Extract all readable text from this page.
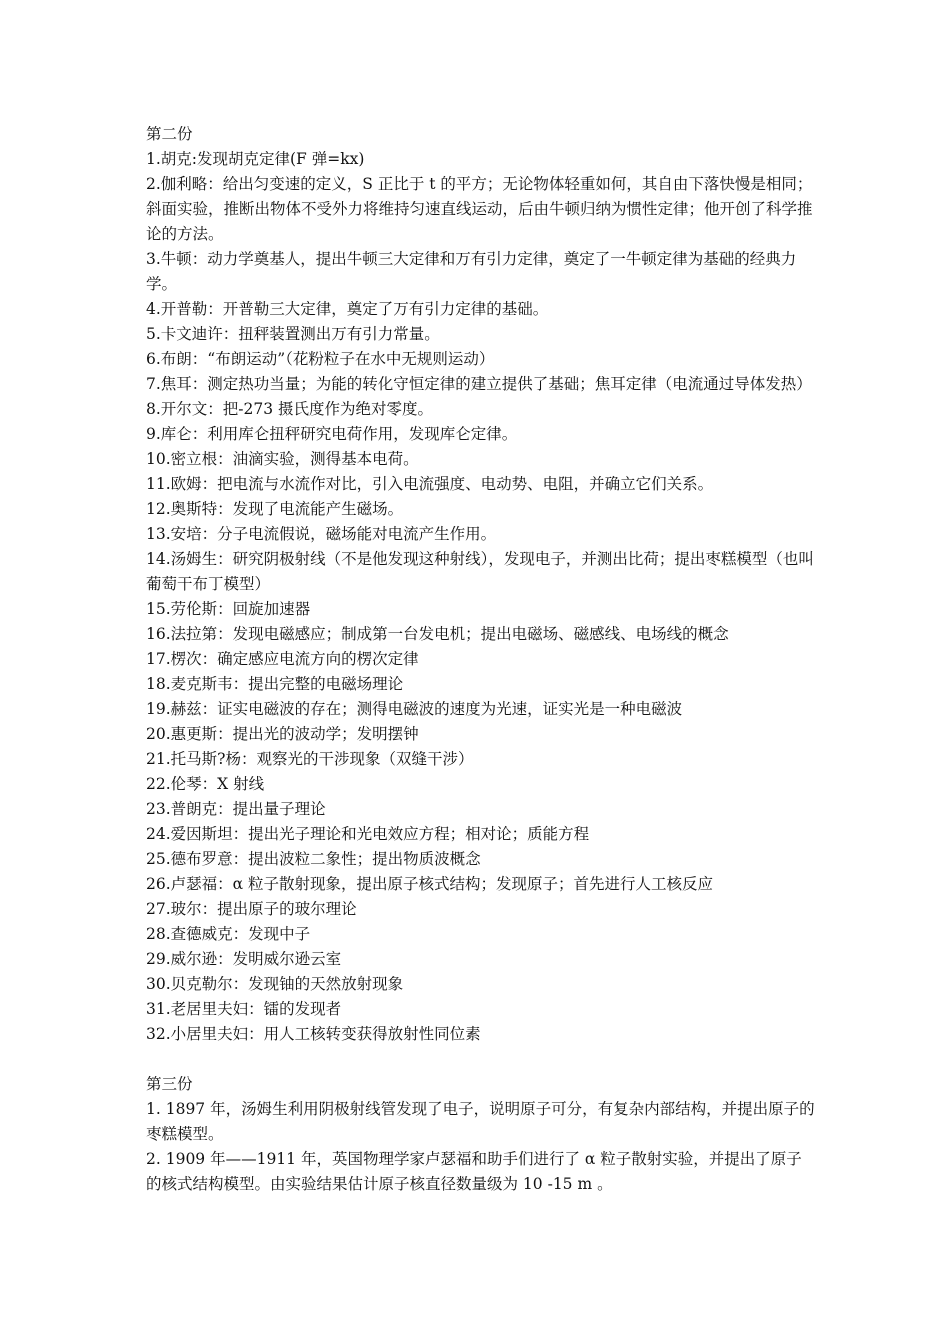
第二份
1.胡克:发现胡克定律(F 弹=kx)
2.伽利略：给出匀变速的定义，S 正比于 t 的平方；无论物体轻重如何，其自由下落快慢是相同；斜面实验，推断出物体不受外力将维持匀速直线运动，后由牛顿归纳为惯性定律；他开创了科学推论的方法。
3.牛顿：动力学奠基人，提出牛顿三大定律和万有引力定律，奠定了一牛顿定律为基础的经典力学。
4.开普勒：开普勒三大定律，奠定了万有引力定律的基础。
5.卡文迪许：扭秤装置测出万有引力常量。
6.布朗：“布朗运动”（花粉粒子在水中无规则运动）
7.焦耳：测定热功当量；为能的转化守恒定律的建立提供了基础；焦耳定律（电流通过导体发热）
8.开尔文：把-273 摄氏度作为绝对零度。
9.库仑：利用库仑扭秤研究电荷作用，发现库仑定律。
10.密立根：油滴实验，测得基本电荷。
11.欧姆：把电流与水流作对比，引入电流强度、电动势、电阻，并确立它们关系。
12.奥斯特：发现了电流能产生磁场。
13.安培：分子电流假说，磁场能对电流产生作用。
14.汤姆生：研究阴极射线（不是他发现这种射线），发现电子，并测出比荷；提出枣糕模型（也叫葡萄干布丁模型）
15.劳伦斯：回旋加速器
16.法拉第：发现电磁感应；制成第一台发电机；提出电磁场、磁感线、电场线的概念
17.楞次：确定感应电流方向的楞次定律
18.麦克斯韦：提出完整的电磁场理论
19.赫兹：证实电磁波的存在；测得电磁波的速度为光速，证实光是一种电磁波
20.惠更斯：提出光的波动学；发明摆钟
21.托马斯?杨：观察光的干涉现象（双缝干涉）
22.伦琴：X 射线
23.普朗克：提出量子理论
24.爱因斯坦：提出光子理论和光电效应方程；相对论；质能方程
25.德布罗意：提出波粒二象性；提出物质波概念
26.卢瑟福：α 粒子散射现象，提出原子核式结构；发现原子；首先进行人工核反应
27.玻尔：提出原子的玻尔理论
28.查德威克：发现中子
29.威尔逊：发明威尔逊云室
30.贝克勒尔：发现铀的天然放射现象
31.老居里夫妇：镭的发现者
32.小居里夫妇：用人工核转变获得放射性同位素
第三份
1. 1897 年，汤姆生利用阴极射线管发现了电子，说明原子可分，有复杂内部结构，并提出原子的枣糕模型。
2. 1909 年——1911 年，英国物理学家卢瑟福和助手们进行了 α 粒子散射实验，并提出了原子的核式结构模型。由实验结果估计原子核直径数量级为 10 -15 m 。
